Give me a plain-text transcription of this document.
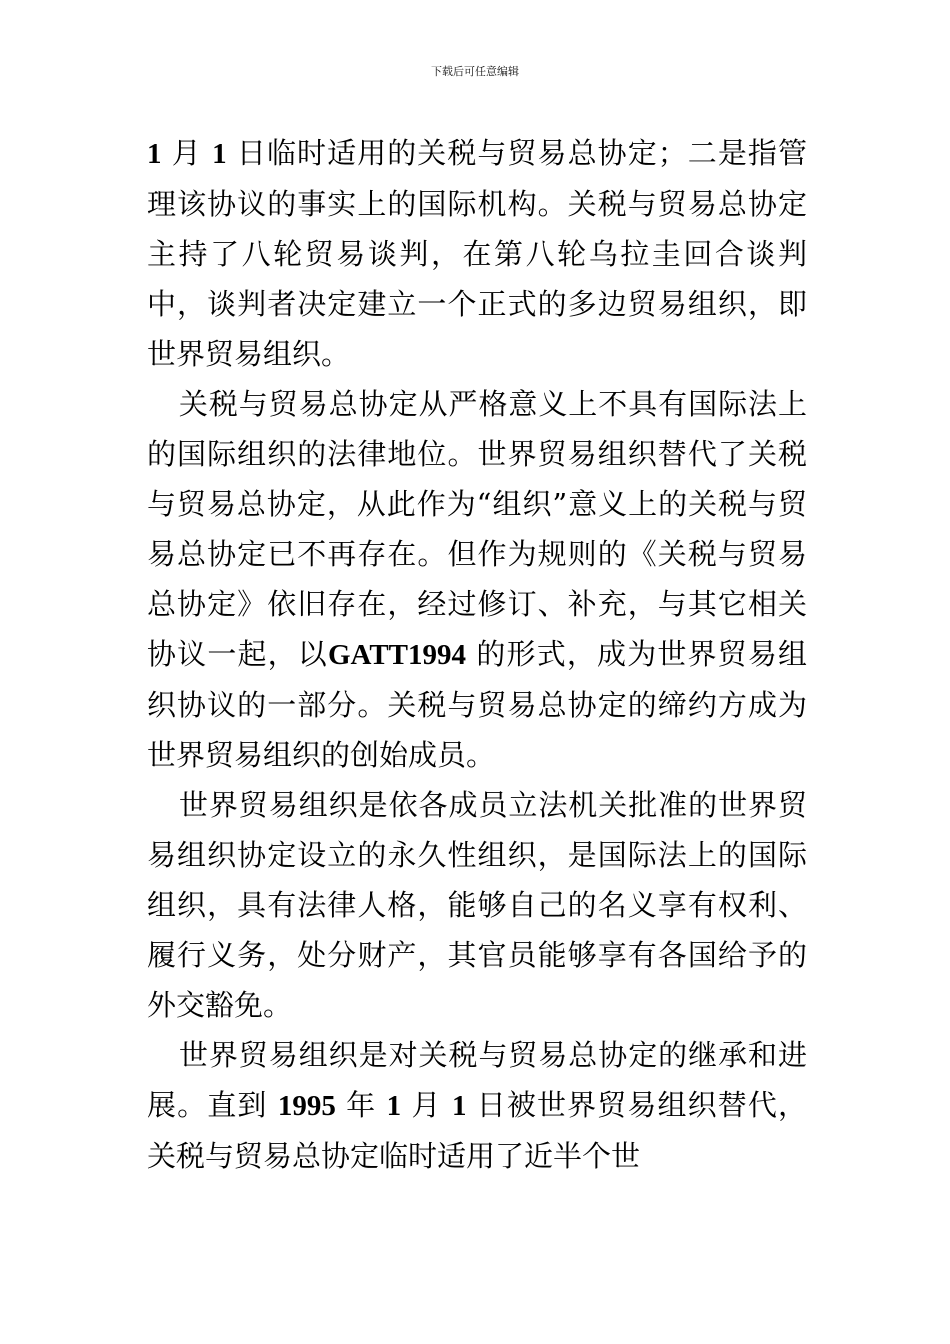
下载后可任意编辑

1 月 1 日临时适用的关税与贸易总协定；二是指管理该协议的事实上的国际机构。关税与贸易总协定主持了八轮贸易谈判，在第八轮乌拉圭回合谈判中，谈判者决定建立一个正式的多边贸易组织，即世界贸易组织。

关税与贸易总协定从严格意义上不具有国际法上的国际组织的法律地位。世界贸易组织替代了关税与贸易总协定，从此作为“组织”意义上的关税与贸易总协定已不再存在。但作为规则的《关税与贸易总协定》依旧存在，经过修订、补充，与其它相关协议一起，以GATT1994 的形式，成为世界贸易组织协议的一部分。关税与贸易总协定的缔约方成为世界贸易组织的创始成员。

世界贸易组织是依各成员立法机关批准的世界贸易组织协定设立的永久性组织，是国际法上的国际组织，具有法律人格，能够自己的名义享有权利、履行义务，处分财产，其官员能够享有各国给予的外交豁免。

世界贸易组织是对关税与贸易总协定的继承和进展。直到 1995 年 1 月 1 日被世界贸易组织替代，关税与贸易总协定临时适用了近半个世
